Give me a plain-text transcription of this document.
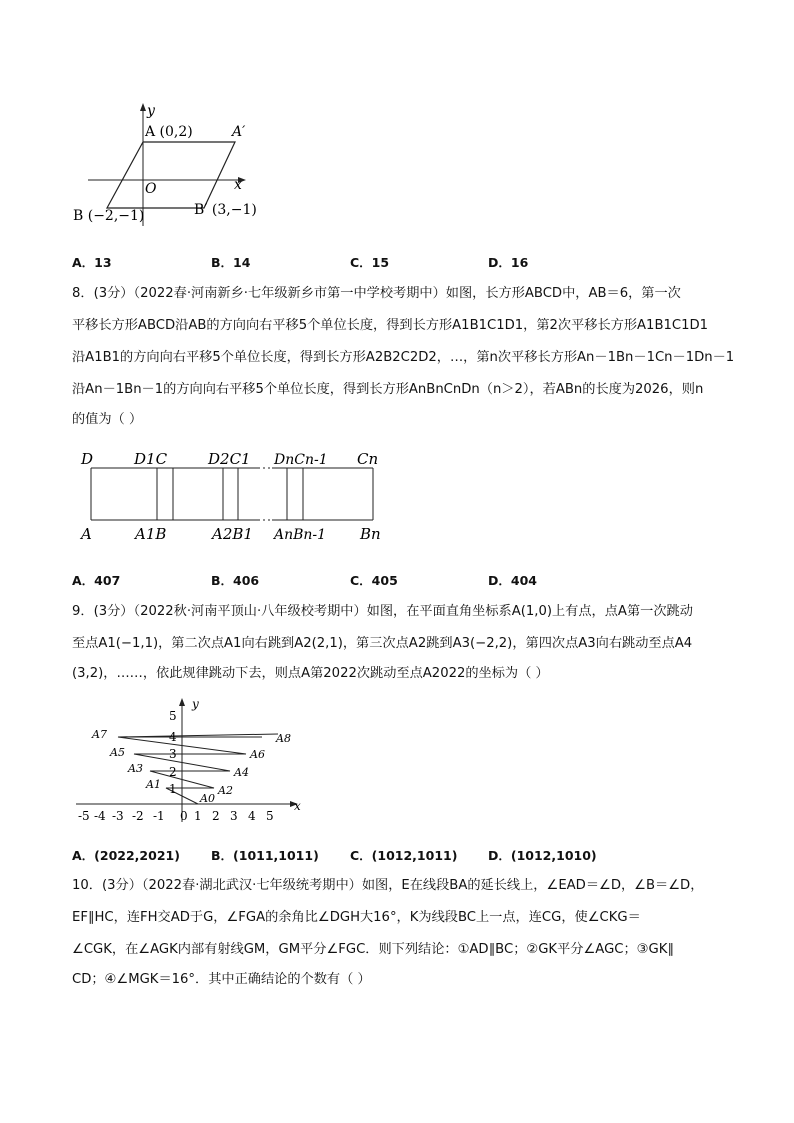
y
x
O
A (0,2)	A′
B (−2,−1)	B′ (3,−1)
A．13	B．14	C．15	D．16
8．(3分）（2022春·河南新乡·七年级新乡市第一中学校考期中）如图，长方形ABCD中，AB＝6，第一次
平移长方形ABCD沿AB的方向向右平移5个单位长度，得到长方形A1B1C1D1，第2次平移长方形A1B1C1D1
沿A1B1的方向向右平移5个单位长度，得到长方形A2B2C2D2，…，第n次平移长方形An－1Bn－1Cn－1Dn－1
沿An－1Bn－1的方向向右平移5个单位长度，得到长方形AnBnCnDn（n＞2），若ABn的长度为2026，则n
的值为（ ）
D	D1C	D2C1 DnCn-1 Cn
A	A1B	A2B1 AnBn-1 Bn
A．407	B．406	C．405	D．404
9．(3分）（2022秋·河南平顶山·八年级校考期中）如图，在平面直角坐标系A(1,0)上有点，点A第一次跳动
至点A1(−1,1)，第二次点A1向右跳到A2(2,1)，第三次点A2跳到A3(−2,2)，第四次点A3向右跳动至点A4
(3,2)，……，依此规律跳动下去，则点A第2022次跳动至点A2022的坐标为（ ）
y
x
-5 -4 -3 -2 -1 0 1 2 3 4 5
1
2
3
4
5
A0
A1	A2
A3	A4
A5	A6
A7	A8
A．(2022,2021) B．(1011,1011) C．(1012,1011) D．(1012,1010)
10．(3分）（2022春·湖北武汉·七年级统考期中）如图，E在线段BA的延长线上，∠EAD＝∠D，∠B＝∠D，
EF∥HC，连FH交AD于G，∠FGA的余角比∠DGH大16°，K为线段BC上一点，连CG，使∠CKG＝
∠CGK，在∠AGK内部有射线GM，GM平分∠FGC．则下列结论：①AD∥BC；②GK平分∠AGC；③GK∥
CD；④∠MGK＝16°．其中正确结论的个数有（ ）
